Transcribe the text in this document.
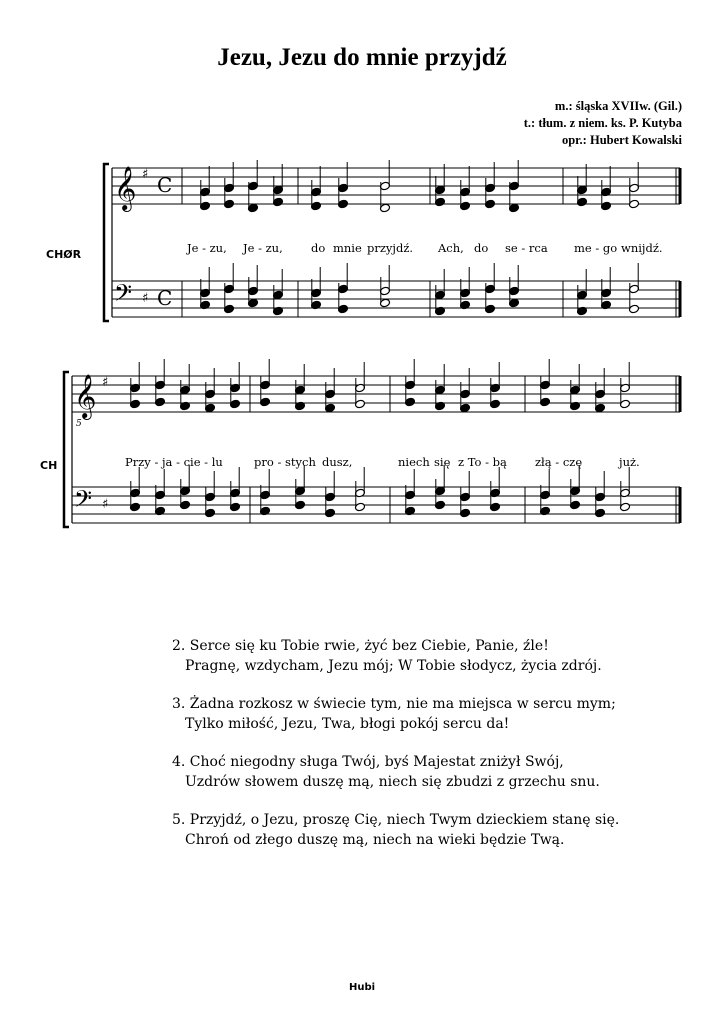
Jezu, Jezu do mnie przyjdź
m.: śląska XVIIw. (Gil.)
t.: tłum. z niem. ks. P. Kutyba
opr.: Hubert Kowalski
𝄞 ♯ C
𝄢 ♯ C
𝄞 ♯
𝄢 ♯
CHØR	Je - zu, Je - zu, do mnie przyjdź. Ach, do se - rca me - go wnijdź.
CH
5
Przy - ja - cie - lu	pro - stych dusz,	niech się z To - bą złą - czę	już.
2. Serce się ku Tobie rwie, żyć bez Ciebie, Panie, źle!
Pragnę, wzdycham, Jezu mój; W Tobie słodycz, życia zdrój.
3. Żadna rozkosz w świecie tym, nie ma miejsca w sercu mym;
Tylko miłość, Jezu, Twa, błogi pokój sercu da!
4. Choć niegodny sługa Twój, byś Majestat zniżył Swój,
Uzdrów słowem duszę mą, niech się zbudzi z grzechu snu.
5. Przyjdź, o Jezu, proszę Cię, niech Twym dzieckiem stanę się.
Chroń od złego duszę mą, niech na wieki będzie Twą.
Hubi
